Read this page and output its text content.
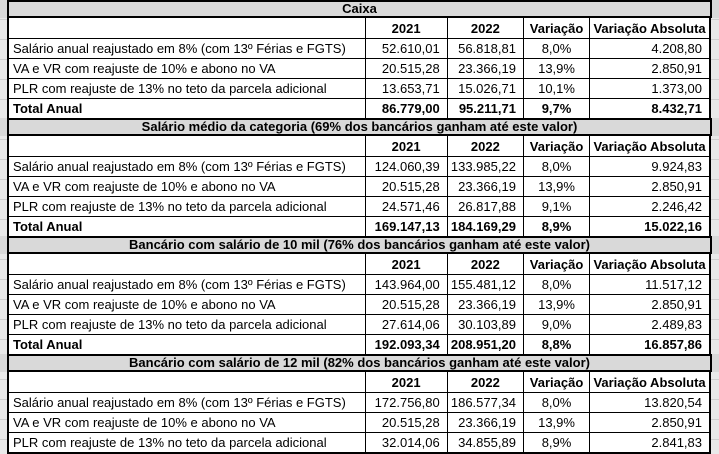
Caixa
	2021	2022	Variação	Variação Absoluta
Salário anual reajustado em 8% (com 13º Férias e FGTS)	52.610,01	56.818,81	8,0%	4.208,80
VA e VR com reajuste de 10% e abono no VA	20.515,28	23.366,19	13,9%	2.850,91
PLR com reajuste de 13% no teto da parcela adicional	13.653,71	15.026,71	10,1%	1.373,00
Total Anual	86.779,00	95.211,71	9,7%	8.432,71
Salário médio da categoria (69% dos bancários ganham até este valor)
	2021	2022	Variação	Variação Absoluta
Salário anual reajustado em 8% (com 13º Férias e FGTS)	124.060,39	133.985,22	8,0%	9.924,83
VA e VR com reajuste de 10% e abono no VA	20.515,28	23.366,19	13,9%	2.850,91
PLR com reajuste de 13% no teto da parcela adicional	24.571,46	26.817,88	9,1%	2.246,42
Total Anual	169.147,13	184.169,29	8,9%	15.022,16
Bancário com salário de 10 mil (76% dos bancários ganham até este valor)
	2021	2022	Variação	Variação Absoluta
Salário anual reajustado em 8% (com 13º Férias e FGTS)	143.964,00	155.481,12	8,0%	11.517,12
VA e VR com reajuste de 10% e abono no VA	20.515,28	23.366,19	13,9%	2.850,91
PLR com reajuste de 13% no teto da parcela adicional	27.614,06	30.103,89	9,0%	2.489,83
Total Anual	192.093,34	208.951,20	8,8%	16.857,86
Bancário com salário de 12 mil (82% dos bancários ganham até este valor)
	2021	2022	Variação	Variação Absoluta
Salário anual reajustado em 8% (com 13º Férias e FGTS)	172.756,80	186.577,34	8,0%	13.820,54
VA e VR com reajuste de 10% e abono no VA	20.515,28	23.366,19	13,9%	2.850,91
PLR com reajuste de 13% no teto da parcela adicional	32.014,06	34.855,89	8,9%	2.841,83
